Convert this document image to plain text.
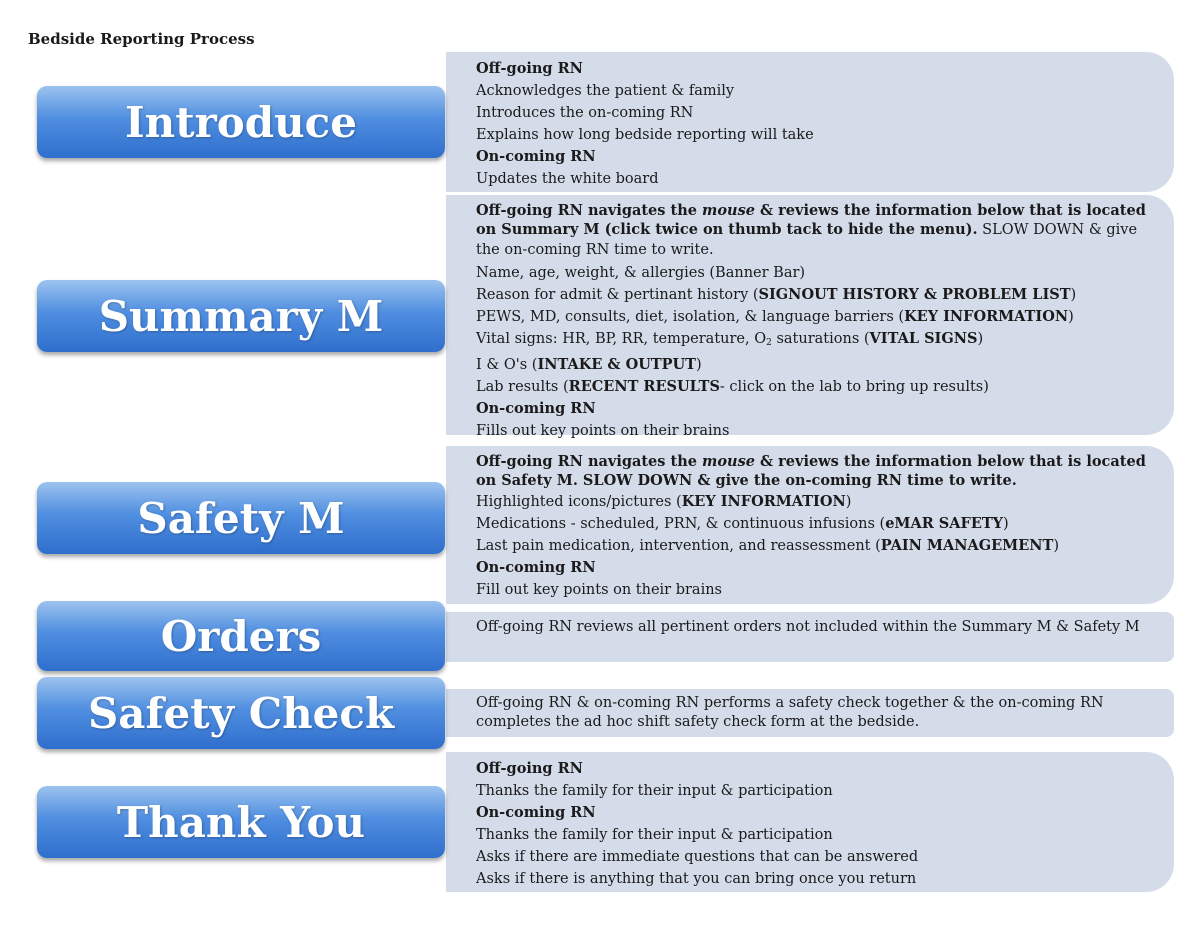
Bedside Reporting Process
Off-going RN
Acknowledges the patient & family
Introduces the on-coming RN
Explains how long bedside reporting will take
On-coming RN
Updates the white board
Introduce
Off-going RN navigates the mouse & reviews the information below that is located on Summary M (click twice on thumb tack to hide the menu). SLOW DOWN & give the on-coming RN time to write.
Name, age, weight, & allergies (Banner Bar)
Reason for admit & pertinant history (SIGNOUT HISTORY & PROBLEM LIST)
PEWS, MD, consults, diet, isolation, & language barriers (KEY INFORMATION)
Vital signs: HR, BP, RR, temperature, $O_2$ saturations (VITAL SIGNS)
I & O's (INTAKE & OUTPUT)
Lab results (RECENT RESULTS- click on the lab to bring up results)
On-coming RN
Fills out key points on their brains
Summary M
Off-going RN navigates the mouse & reviews the information below that is located on Safety M. SLOW DOWN & give the on-coming RN time to write.
Highlighted icons/pictures (KEY INFORMATION)
Medications - scheduled, PRN, & continuous infusions (eMAR SAFETY)
Last pain medication, intervention, and reassessment (PAIN MANAGEMENT)
On-coming RN
Fill out key points on their brains
Safety M
Off-going RN reviews all pertinent orders not included within the Summary M & Safety M
Orders
Off-going RN & on-coming RN performs a safety check together & the on-coming RN completes the ad hoc shift safety check form at the bedside.
Safety Check
Off-going RN
Thanks the family for their input & participation
On-coming RN
Thanks the family for their input & participation
Asks if there are immediate questions that can be answered
Asks if there is anything that you can bring once you return
Thank You
